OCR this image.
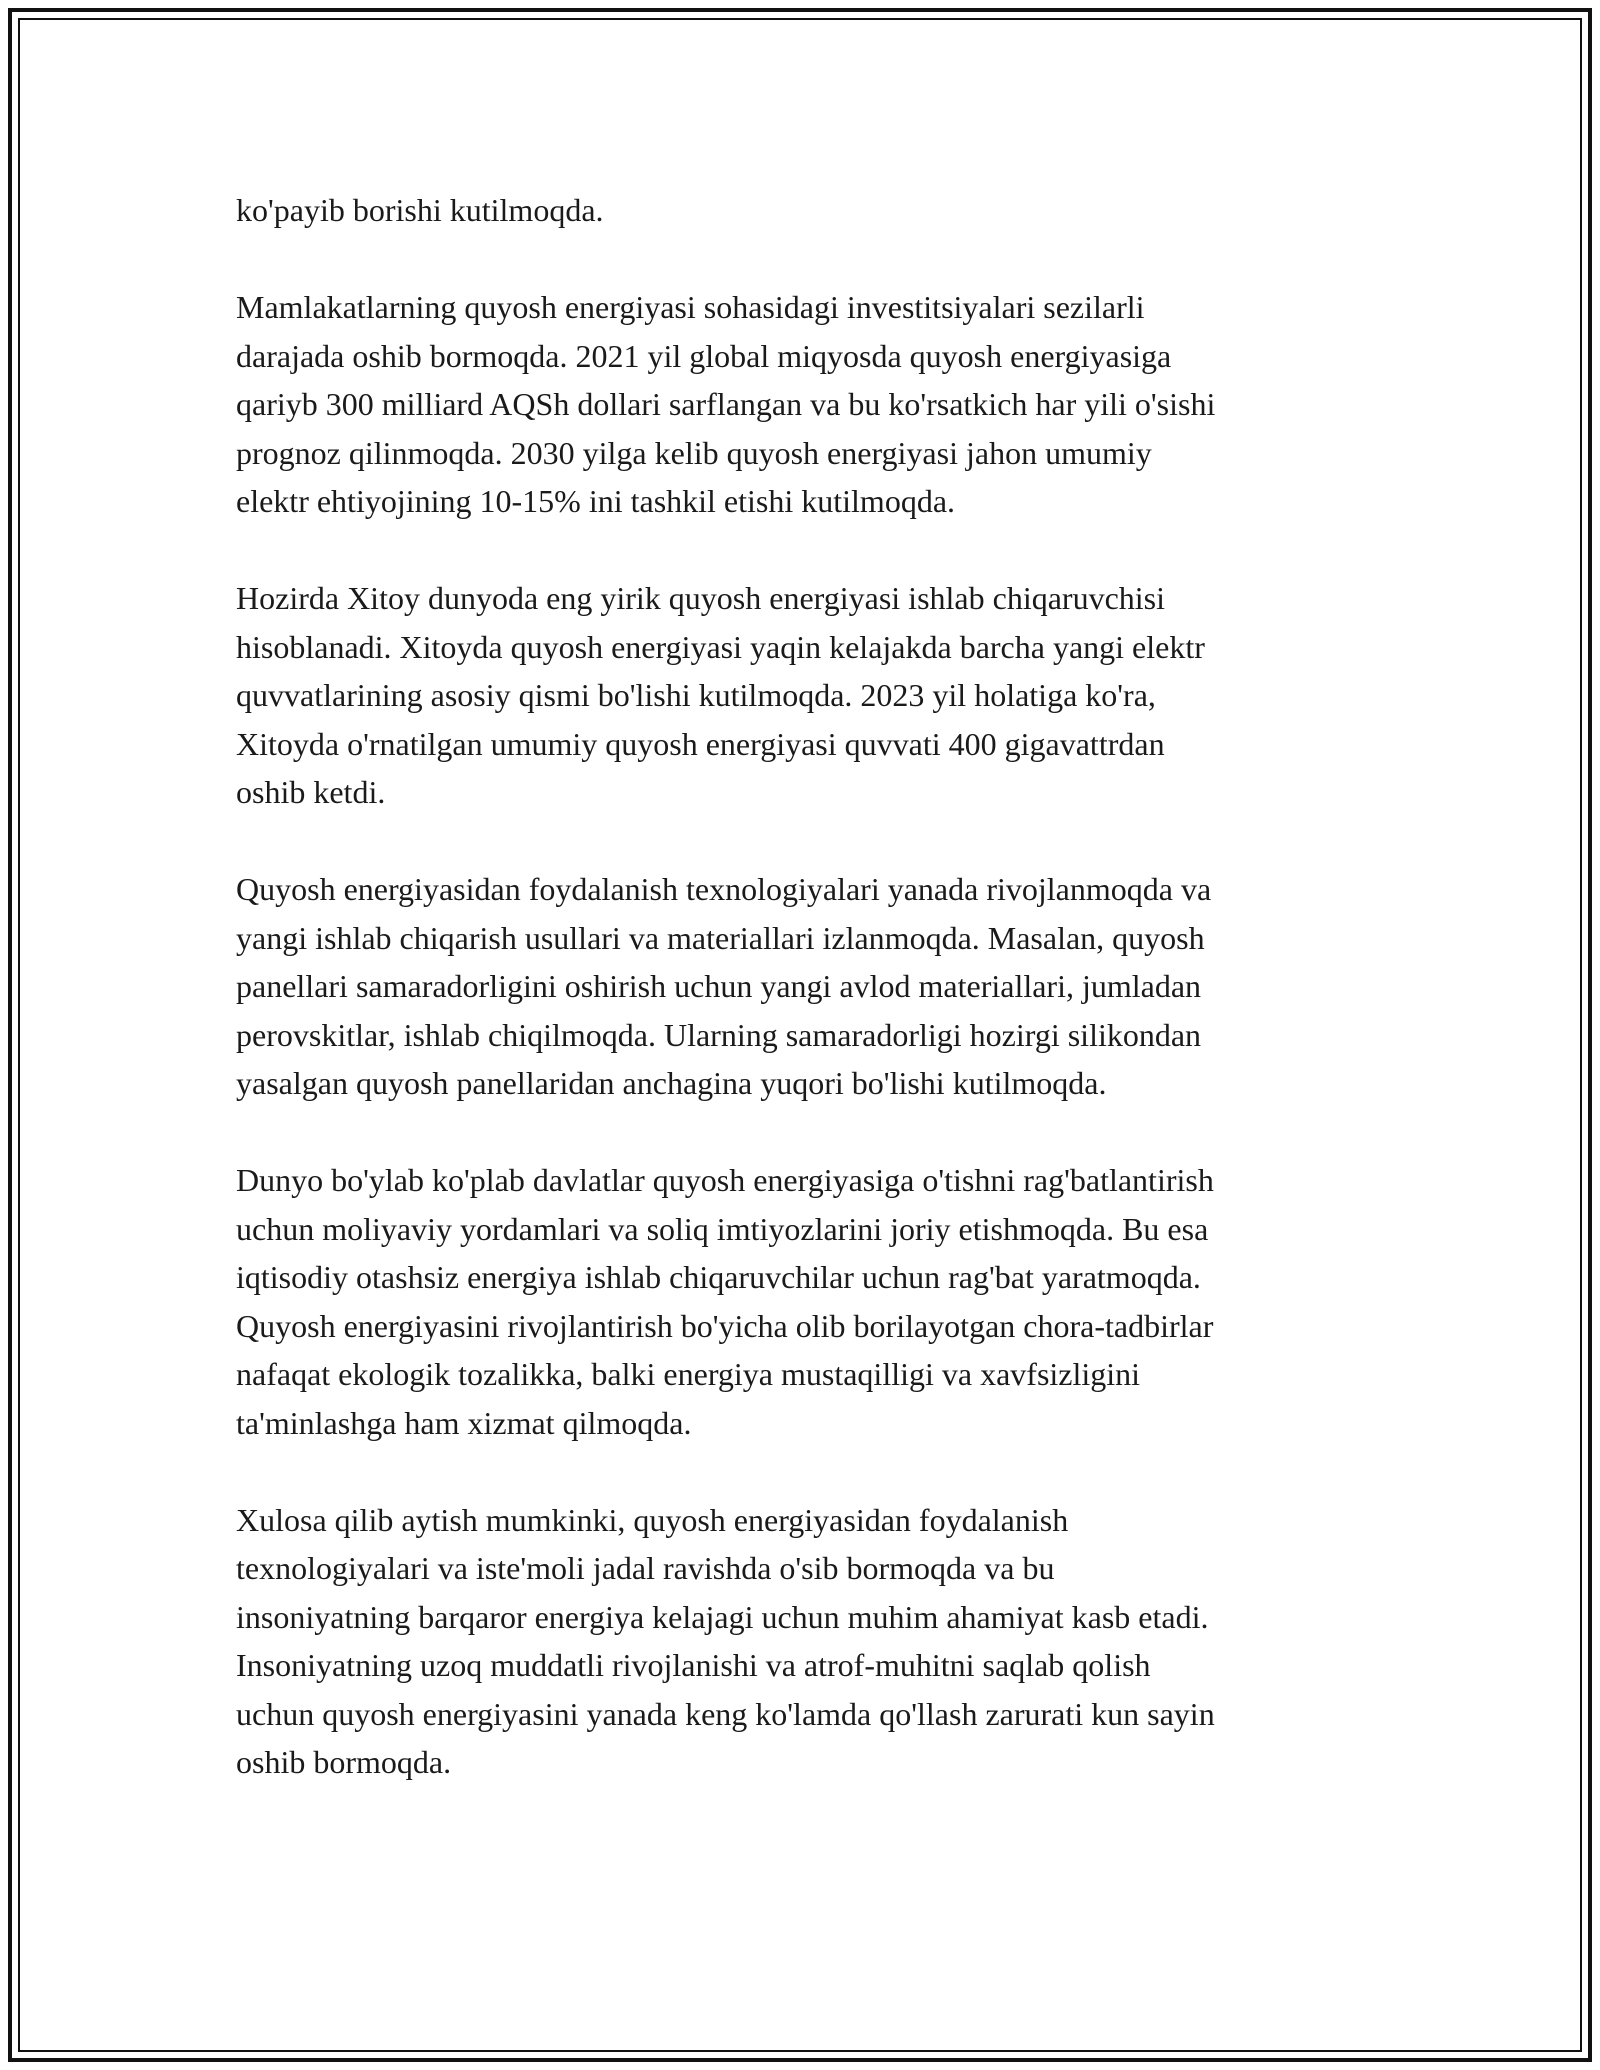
ko'payib borishi kutilmoqda.

Mamlakatlarning quyosh energiyasi sohasidagi investitsiyalari sezilarli
darajada oshib bormoqda. 2021 yil global miqyosda quyosh energiyasiga
qariyb 300 milliard AQSh dollari sarflangan va bu ko'rsatkich har yili o'sishi
prognoz qilinmoqda. 2030 yilga kelib quyosh energiyasi jahon umumiy
elektr ehtiyojining 10-15% ini tashkil etishi kutilmoqda.

Hozirda Xitoy dunyoda eng yirik quyosh energiyasi ishlab chiqaruvchisi
hisoblanadi. Xitoyda quyosh energiyasi yaqin kelajakda barcha yangi elektr
quvvatlarining asosiy qismi bo'lishi kutilmoqda. 2023 yil holatiga ko'ra,
Xitoyda o'rnatilgan umumiy quyosh energiyasi quvvati 400 gigavattrdan
oshib ketdi.

Quyosh energiyasidan foydalanish texnologiyalari yanada rivojlanmoqda va
yangi ishlab chiqarish usullari va materiallari izlanmoqda. Masalan, quyosh
panellari samaradorligini oshirish uchun yangi avlod materiallari, jumladan
perovskitlar, ishlab chiqilmoqda. Ularning samaradorligi hozirgi silikondan
yasalgan quyosh panellaridan anchagina yuqori bo'lishi kutilmoqda.

Dunyo bo'ylab ko'plab davlatlar quyosh energiyasiga o'tishni rag'batlantirish
uchun moliyaviy yordamlari va soliq imtiyozlarini joriy etishmoqda. Bu esa
iqtisodiy otashsiz energiya ishlab chiqaruvchilar uchun rag'bat yaratmoqda.
Quyosh energiyasini rivojlantirish bo'yicha olib borilayotgan chora-tadbirlar
nafaqat ekologik tozalikka, balki energiya mustaqilligi va xavfsizligini
ta'minlashga ham xizmat qilmoqda.

Xulosa qilib aytish mumkinki, quyosh energiyasidan foydalanish
texnologiyalari va iste'moli jadal ravishda o'sib bormoqda va bu
insoniyatning barqaror energiya kelajagi uchun muhim ahamiyat kasb etadi.
Insoniyatning uzoq muddatli rivojlanishi va atrof-muhitni saqlab qolish
uchun quyosh energiyasini yanada keng ko'lamda qo'llash zarurati kun sayin
oshib bormoqda.
